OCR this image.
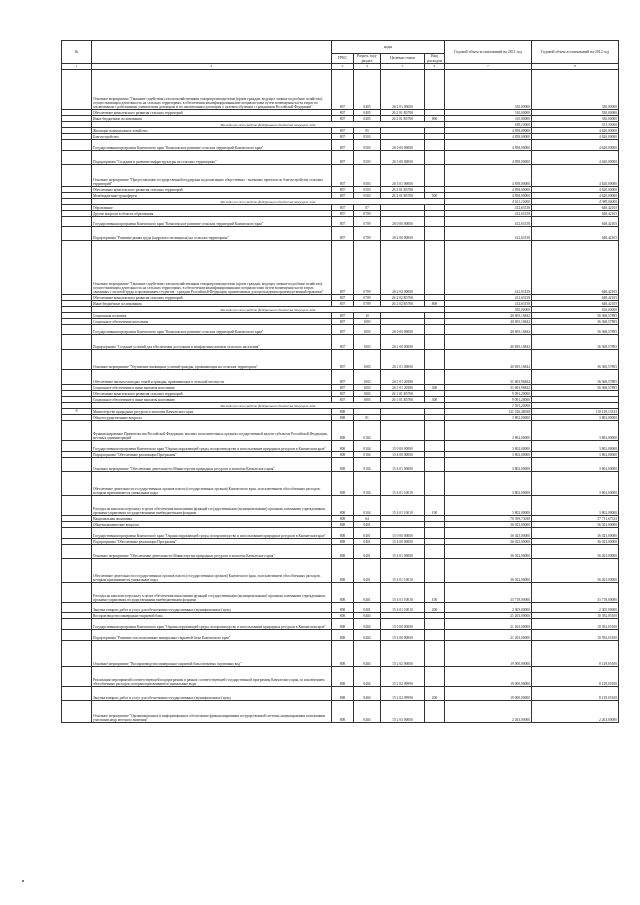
№		коды				Годовой объем ассигнований на 2011 год	Годовой объем ассигнований на 2012 год
		ГРБС	Раздел, под-раздел	Целевая статья	Вид расходов		
1	2	3	4	5	6	7	8
	Основное мероприятие "Оказание содействия сельскохозяйственным товаропроизводителям (кроме граждан, ведущих личные подсобные хозяйства), осуществляющим деятельность на сельских территориях, в обеспечении квалифицированными специалистами путем возмещения части затрат по заключенным с работниками ученическим договорам и по заключенным договорам о целевом обучении с гражданами Российской Федерации"	807	0405	26 2 01 00000		310,00000	330,00000
	Обеспечение комплексного развития сельских территорий	807	0405	26 2 01 R5760		310,00000	330,00000
	Иные бюджетные ассигнования	807	0405	26 2 01 R5760	800	310,00000	330,00000
	Расходы за счет средств федерального бюджета текущего года					189,10000	513,30000
	Жилищно-коммунальное хозяйство	807	05			4 858,00000	4 620,00000
	Благоустройство	807	0503			4 858,00000	4 620,00000
	Государственная программа Камчатского края "Комплексное развитие сельских территорий Камчатского края"	807	0503	26 0 00 00000		4 858,00000	4 620,00000
	Подпрограмма "Создание и развитие инфраструктуры на сельских территориях"	807	0503	26 3 00 00000		4 858,00000	4 620,00000
	Основное мероприятие "Предоставление государственной поддержки на реализацию общественно - значимых проектов по благоустройству сельских территорий"	807	0503	26 3 01 00000		4 858,00000	4 620,00000
	Обеспечение комплексного развития сельских территорий	807	0503	26 3 01 R5760		4 858,00000	4 620,00000
	Межбюджетные трансферты	807	0503	26 3 01 R5760	500	4 858,00000	4 620,00000
	Расходы за счет средств федерального бюджета текущего года					4 611,10000	4 389,00000
	Образование	807	07			412,63158	648,42105
	Другие вопросы в области образования	807	0709			412,63158	648,42105
	Государственная программа Камчатского края "Комплексное развитие сельских территорий Камчатского края"	807	0709	26 0 00 00000		412,63158	648,42105
	Подпрограмма "Развитие рынка труда (кадрового потенциала) на сельских территориях"	807	0709	26 2 00 00000		412,63158	648,42105
	Основное мероприятие "Оказание содействия сельскохозяйственным товаропроизводителям (кроме граждан, ведущих личные подсобные хозяйства), осуществляющим деятельность на сельских территориях, в обеспечении квалифицированными специалистами путем возмещения части затрат, связанных с оплатой труда и проживанием студентов - граждан Российской Федерации, привлеченных для прохождения производственной практики"	807	0709	26 2 02 00000		412,63158	648,42105
	Обеспечение комплексного развития сельских территорий	807	0709	26 2 02 R5760		412,63158	648,42105
	Иные бюджетные ассигнования	807	0709	26 2 02 R5760	800	412,63158	648,42105
	Расходы за счет средств федерального бюджета текущего года					392,00000	616,00000
	Социальная политика	807	10			40 695,16842	36 368,57895
	Социальное обеспечение населения	807	1003			40 695,16842	36 368,57895
	Государственная программа Камчатского края "Комплексное развитие сельских территорий Камчатского края"	807	1003	26 0 00 00000		40 695,16842	36 368,57895
	Подпрограмма "Создание условий для обеспечения доступным и комфортным жильем сельского населения"	807	1003	26 1 00 00000		40 695,16842	36 368,57895
	Основное мероприятие "Улучшение жилищных условий граждан, проживающих на сельских территориях"	807	1003	26 1 01 00000		40 695,16842	36 368,57895
	Обеспечение жильем молодых семей и граждан, проживающих в сельской местности	807	1003	26 1 01 20380		31 603,96842	36 368,57895
	Социальное обеспечение и иные выплаты населению	807	1003	26 1 01 20380	300	31 603,96842	36 368,57895
	Обеспечение комплексного развития сельских территорий	807	1003	26 1 01 R5760		9 091,20000	
	Социальное обеспечение и иные выплаты населению	807	1003	26 1 01 R5760	300	9 091,20000	
	Расходы за счет средств федерального бюджета текущего года					1 591,20000	
6	Министерство природных ресурсов и экологии Камчатского края	808				121 526,46038	110 129,13333
	Общегосударственные вопросы	808	01			3 802,00000	3 802,00000
	Функционирование Правительства Российской Федерации, высших исполнительных органов государственной власти субъектов Российской Федерации, местных администраций	808	0104			3 802,00000	3 802,00000
	Государственная программа Камчатского края "Охрана окружающей среды, воспроизводство и использование природных ресурсов в Камчатском крае"	808	0104	15 0 00 00000		3 802,00000	3 802,00000
	Подпрограмма "Обеспечение реализации Программы"	808	0104	15 4 00 00000		3 802,00000	3 802,00000
	Основное мероприятие "Обеспечение деятельности Министерства природных ресурсов и экологии Камчатского края"	808	0104	15 4 01 00000		3 802,00000	3 802,00000
	Обеспечение деятельности государственных органов власти (государственных органов) Камчатского края, за исключением обособленных расходов, которым присваиваются уникальные коды	808	0104	15 4 01 10010		3 802,00000	3 802,00000
	Расходы на выплаты персоналу в целях обеспечения выполнения функций государственными (муниципальными) органами, казенными учреждениями, органами управления государственными внебюджетными фондами	808	0104	15 4 01 10010	100	3 802,00000	3 802,00000
	Национальная экономика	808	04			70 399,73038	57 711,67333
	Общеэкономические вопросы	808	0401			36 023,00000	36 023,00000
	Государственная программа Камчатского края "Охрана окружающей среды, воспроизводство и использование природных ресурсов в Камчатском крае"	808	0401	15 0 00 00000		36 023,00000	36 023,00000
	Подпрограмма "Обеспечение реализации Программы"	808	0401	15 4 00 00000		36 023,00000	36 023,00000
	Основное мероприятие "Обеспечение деятельности Министерства природных ресурсов и экологии Камчатского края"	808	0401	15 4 01 00000		36 023,00000	36 023,00000
	Обеспечение деятельности государственных органов власти (государственных органов) Камчатского края, за исключением обособленных расходов, которым присваиваются уникальные коды	808	0401	15 4 01 10010		36 023,00000	36 023,00000
	Расходы на выплаты персоналу в целях обеспечения выполнения функций государственными (муниципальными) органами, казенными учреждениями, органами управления государственными внебюджетными фондами	808	0401	15 4 01 10010	100	33 718,00000	33 718,00000
	Закупка товаров, работ и услуг для обеспечения государственных (муниципальных) нужд	808	0401	15 4 01 10010	200	2 305,00000	2 305,00000
	Воспроизводство минерально-сырьевой базы	808	0404			21 263,00000	10 392,05100
	Государственная программа Камчатского края "Охрана окружающей среды, воспроизводство и использование природных ресурсов в Камчатском крае"	808	0404	15 0 00 00000		21 263,00000	10 392,05100
	Подпрограмма "Развитие и использование минерально-сырьевой базы Камчатского края"	808	0404	15 2 00 00000		21 263,00000	10 392,05100
	Основное мероприятие "Воспроизводство минерально-сырьевой базы питьевых подземных вод"	808	0404	15 2 02 00000		19 000,00000	8 129,05100
	Реализация мероприятий соответствующей подпрограммы в рамках соответствующей государственной программы Камчатского края, за исключением обособленных расходов, которым присваиваются уникальные коды	808	0404	15 2 02 09990		19 000,00000	8 129,05100
	Закупка товаров, работ и услуг для обеспечения государственных (муниципальных) нужд	808	0404	15 2 02 09990	200	19 000,00000	8 129,05100
	Основное мероприятие "Организационное и информационное обеспечение функционирования государственной системы лицензирования пользования участками недр местного значения"	808	0404	15 2 03 00000		2 263,00000	2 263,00000
